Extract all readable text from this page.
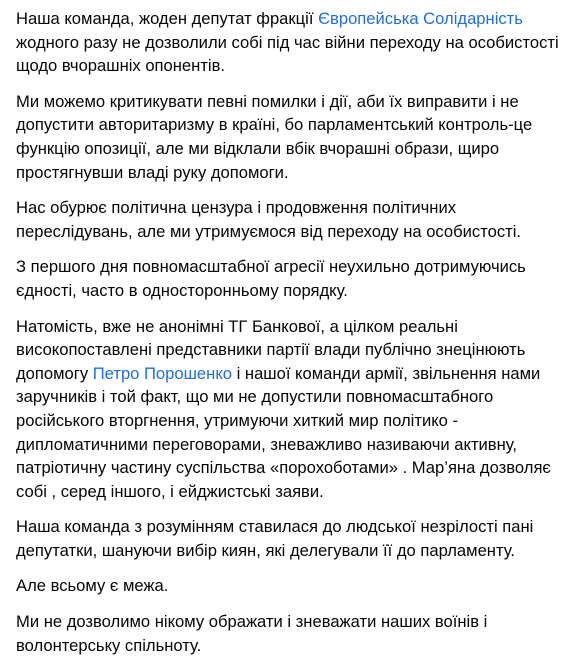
Наша команда, жоден депутат фракції Європейська Солідарність жодного разу не дозволили собі під час війни переходу на особистості щодо вчорашніх опонентів.

Ми можемо критикувати певні помилки і дії, аби їх виправити і не допустити авторитаризму в країні, бо парламентський контроль-це функцію опозиції, але ми відклали вбік вчорашні образи, щиро простягнувши владі руку допомоги.

Нас обурює політична цензура і продовження політичних переслідувань, але ми утримуємося від переходу на особистості.

З першого дня повномасштабної агресії неухильно дотримуючись єдності, часто в односторонньому порядку.

Натомість, вже не анонімні ТГ Банкової, а цілком реальні високопоставлені представники партії влади публічно знецінюють допомогу Петро Порошенко і нашої команди армії, звільнення нами заручників і той факт, що ми не допустили повномасштабного російського вторгнення, утримуючи хиткий мир політико - дипломатичними переговорами, зневажливо називаючи активну, патріотичну частину суспільства «порохоботами» . Мар’яна дозволяє собі , серед іншого, і ейджистські заяви.

Наша команда з розумінням ставилася до людської незрілості пані депутатки, шануючи вибір киян, які делегували її до парламенту.

Але всьому є межа.

Ми не дозволимо нікому ображати і зневажати наших воїнів і волонтерську спільноту.
